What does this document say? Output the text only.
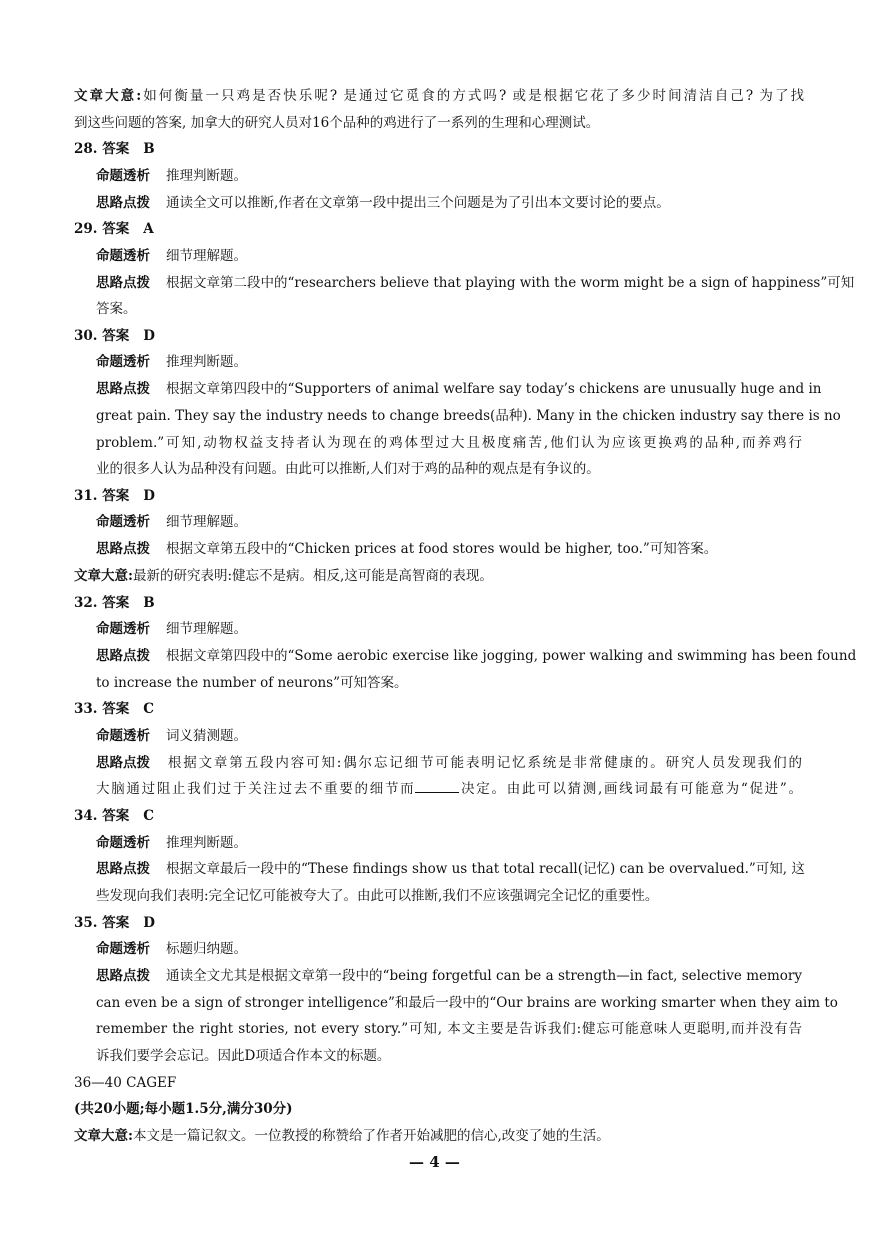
文章大意:如何衡量一只鸡是否快乐呢? 是通过它觅食的方式吗? 或是根据它花了多少时间清洁自己? 为了找
到这些问题的答案, 加拿大的研究人员对16个品种的鸡进行了一系列的生理和心理测试。
28. 答案 B
命题透析 推理判断题。
思路点拨 通读全文可以推断,作者在文章第一段中提出三个问题是为了引出本文要讨论的要点。
29. 答案 A
命题透析 细节理解题。
思路点拨 根据文章第二段中的“researchers believe that playing with the worm might be a sign of happiness”可知
答案。
30. 答案 D
命题透析 推理判断题。
思路点拨 根据文章第四段中的“Supporters of animal welfare say today’s chickens are unusually huge and in
great pain. They say the industry needs to change breeds(品种). Many in the chicken industry say there is no
problem.”可知,动物权益支持者认为现在的鸡体型过大且极度痛苦,他们认为应该更换鸡的品种,而养鸡行
业的很多人认为品种没有问题。由此可以推断,人们对于鸡的品种的观点是有争议的。
31. 答案 D
命题透析 细节理解题。
思路点拨 根据文章第五段中的“Chicken prices at food stores would be higher, too.”可知答案。
文章大意:最新的研究表明:健忘不是病。相反,这可能是高智商的表现。
32. 答案 B
命题透析 细节理解题。
思路点拨 根据文章第四段中的“Some aerobic exercise like jogging, power walking and swimming has been found
to increase the number of neurons”可知答案。
33. 答案 C
命题透析 词义猜测题。
思路点拨 根据文章第五段内容可知:偶尔忘记细节可能表明记忆系统是非常健康的。研究人员发现我们的
大脑通过阻止我们过于关注过去不重要的细节而	决定。由此可以猜测,画线词最有可能意为“促进”。
34. 答案 C
命题透析 推理判断题。
思路点拨 根据文章最后一段中的“These findings show us that total recall(记忆) can be overvalued.”可知, 这
些发现向我们表明:完全记忆可能被夸大了。由此可以推断,我们不应该强调完全记忆的重要性。
35. 答案 D
命题透析 标题归纳题。
思路点拨 通读全文尤其是根据文章第一段中的“being forgetful can be a strength—in fact, selective memory
can even be a sign of stronger intelligence”和最后一段中的“Our brains are working smarter when they aim to
remember the right stories, not every story.”可知, 本文主要是告诉我们:健忘可能意味人更聪明,而并没有告
诉我们要学会忘记。因此D项适合作本文的标题。
36—40 CAGEF
(共20小题;每小题1.5分,满分30分)
文章大意:本文是一篇记叙文。一位教授的称赞给了作者开始减肥的信心,改变了她的生活。
— 4 —
